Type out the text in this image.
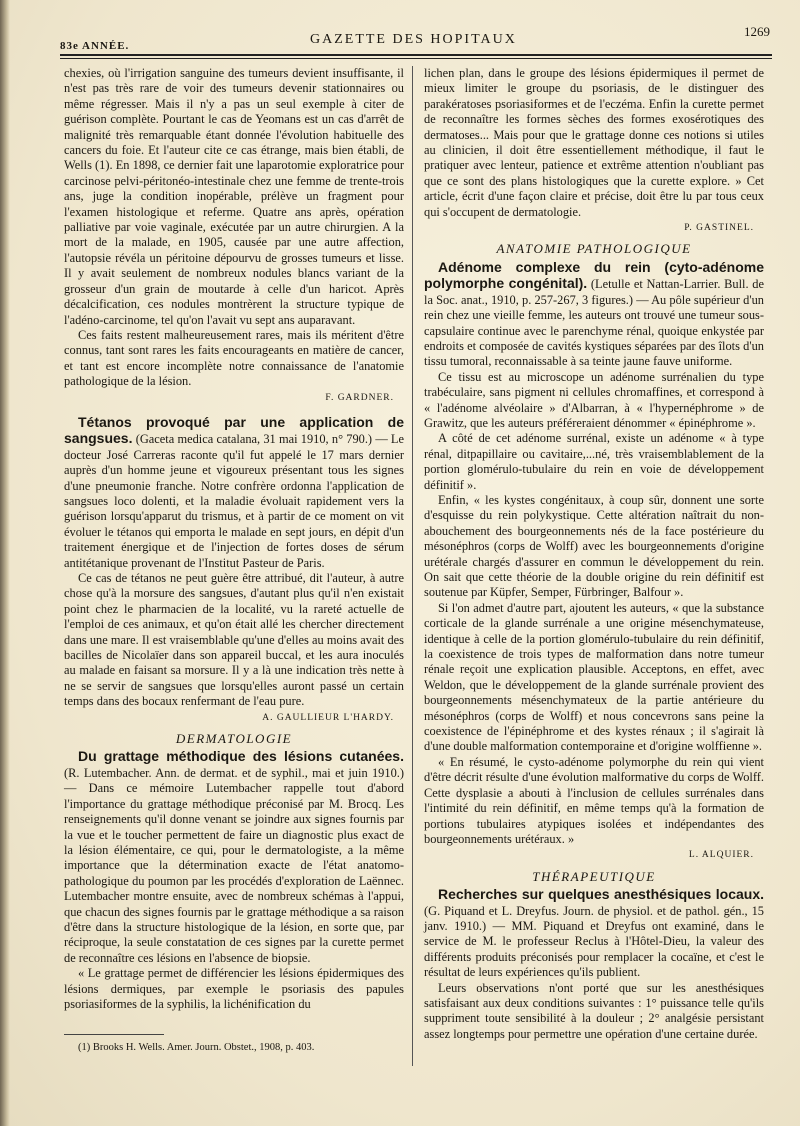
83e ANNÉE.	GAZETTE DES HOPITAUX
1269

chexies, où l'irrigation sanguine des tumeurs devient insuffisante, il n'est pas très rare de voir des tumeurs devenir stationnaires ou même régresser. Mais il n'y a pas un seul exemple à citer de guérison complète. Pourtant le cas de Yeomans est un cas d'arrêt de malignité très remarquable étant donnée l'évolution habituelle des cancers du foie. Et l'auteur cite ce cas étrange, mais bien établi, de Wells (1). En 1898, ce dernier fait une laparotomie exploratrice pour carcinose pelvi-péritonéo-intestinale chez une femme de trente-trois ans, juge la condition inopérable, prélève un fragment pour l'examen histologique et referme. Quatre ans après, opération palliative par voie vaginale, exécutée par un autre chirurgien. A la mort de la malade, en 1905, causée par une autre affection, l'autopsie révéla un péritoine dépourvu de grosses tumeurs et lisse. Il y avait seulement de nombreux nodules blancs variant de la grosseur d'un grain de moutarde à celle d'un haricot. Après décalcification, ces nodules montrèrent la structure typique de l'adéno-carcinome, tel qu'on l'avait vu sept ans auparavant.

Ces faits restent malheureusement rares, mais ils méritent d'être connus, tant sont rares les faits encourageants en matière de cancer, et tant est encore incomplète notre connaissance de l'anatomie pathologique de la lésion.

F. GARDNER.

Tétanos provoqué par une application de sangsues. (Gaceta medica catalana, 31 mai 1910, n° 790.) — Le docteur José Carreras raconte qu'il fut appelé le 17 mars dernier auprès d'un homme jeune et vigoureux présentant tous les signes d'une pneumonie franche. Notre confrère ordonna l'application de sangsues loco dolenti, et la maladie évoluait rapidement vers la guérison lorsqu'apparut du trismus, et à partir de ce moment on vit évoluer le tétanos qui emporta le malade en sept jours, en dépit d'un traitement énergique et de l'injection de fortes doses de sérum antitétanique provenant de l'Institut Pasteur de Paris.

Ce cas de tétanos ne peut guère être attribué, dit l'auteur, à autre chose qu'à la morsure des sangsues, d'autant plus qu'il n'en existait point chez le pharmacien de la localité, vu la rareté actuelle de l'emploi de ces animaux, et qu'on était allé les chercher directement dans une mare. Il est vraisemblable qu'une d'elles au moins avait des bacilles de Nicolaïer dans son appareil buccal, et les aura inoculés au malade en faisant sa morsure. Il y a là une indication très nette à ne se servir de sangsues que lorsqu'elles auront passé un certain temps dans des bocaux renfermant de l'eau pure.

A. GAULLIEUR L'HARDY.
DERMATOLOGIE

Du grattage méthodique des lésions cutanées. (R. Lutembacher. Ann. de dermat. et de syphil., mai et juin 1910.) — Dans ce mémoire Lutembacher rappelle tout d'abord l'importance du grattage méthodique préconisé par M. Brocq. Les renseignements qu'il donne venant se joindre aux signes fournis par la vue et le toucher permettent de faire un diagnostic plus exact de la lésion élémentaire, ce qui, pour le dermatologiste, a la même importance que la détermination exacte de l'état anatomo-pathologique du poumon par les procédés d'exploration de Laënnec. Lutembacher montre ensuite, avec de nombreux schémas à l'appui, que chacun des signes fournis par le grattage méthodique a sa raison d'être dans la structure histologique de la lésion, en sorte que, par réciproque, la seule constatation de ces signes par la curette permet de reconnaître ces lésions en l'absence de biopsie.

« Le grattage permet de différencier les lésions épidermiques des lésions dermiques, par exemple le psoriasis des papules psoriasiformes de la syphilis, la lichénification du

(1) Brooks H. Wells. Amer. Journ. Obstet., 1908, p. 403.

lichen plan, dans le groupe des lésions épidermiques il permet de mieux limiter le groupe du psoriasis, de le distinguer des parakératoses psoriasiformes et de l'eczéma. Enfin la curette permet de reconnaître les formes sèches des formes exosérotiques des dermatoses... Mais pour que le grattage donne ces notions si utiles au clinicien, il doit être essentiellement méthodique, il faut le pratiquer avec lenteur, patience et extrême attention n'oubliant pas que ce sont des plans histologiques que la curette explore. » Cet article, écrit d'une façon claire et précise, doit être lu par tous ceux qui s'occupent de dermatologie.

P. GASTINEL.
ANATOMIE PATHOLOGIQUE

Adénome complexe du rein (cyto-adénome polymorphe congénital). (Letulle et Nattan-Larrier. Bull. de la Soc. anat., 1910, p. 257-267, 3 figures.) — Au pôle supérieur d'un rein chez une vieille femme, les auteurs ont trouvé une tumeur sous-capsulaire continue avec le parenchyme rénal, quoique enkystée par endroits et composée de cavités kystiques séparées par des îlots d'un tissu tumoral, reconnaissable à sa teinte jaune fauve uniforme.

Ce tissu est au microscope un adénome surrénalien du type trabéculaire, sans pigment ni cellules chromaffines, et correspond à « l'adénome alvéolaire » d'Albarran, à « l'hypernéphrome » de Grawitz, que les auteurs préféreraient dénommer « épinéphrome ».

A côté de cet adénome surrénal, existe un adénome « à type rénal, ditpapillaire ou cavitaire,...né, très vraisemblablement de la portion glomérulo-tubulaire du rein en voie de développement définitif ».

Enfin, « les kystes congénitaux, à coup sûr, donnent une sorte d'esquisse du rein polykystique. Cette altération naîtrait du non-abouchement des bourgeonnements nés de la face postérieure du mésonéphros (corps de Wolff) avec les bourgeonnements d'origine urétérale chargés d'assurer en commun le développement du rein. On sait que cette théorie de la double origine du rein définitif est soutenue par Küpfer, Semper, Fürbringer, Balfour ».

Si l'on admet d'autre part, ajoutent les auteurs, « que la substance corticale de la glande surrénale a une origine mésenchymateuse, identique à celle de la portion glomérulo-tubulaire du rein définitif, la coexistence de trois types de malformation dans notre tumeur rénale reçoit une explication plausible. Acceptons, en effet, avec Weldon, que le développement de la glande surrénale provient des bourgeonnements mésenchymateux de la partie antérieure du mésonéphros (corps de Wolff) et nous concevrons sans peine la coexistence de l'épinéphrome et des kystes rénaux ; il s'agirait là d'une double malformation contemporaine et d'origine wolffienne ».

« En résumé, le cysto-adénome polymorphe du rein qui vient d'être décrit résulte d'une évolution malformative du corps de Wolff. Cette dysplasie a abouti à l'inclusion de cellules surrénales dans l'intimité du rein définitif, en même temps qu'à la formation de portions tubulaires atypiques isolées et indépendantes des bourgeonnements urétéraux. »

L. ALQUIER.
THÉRAPEUTIQUE

Recherches sur quelques anesthésiques locaux. (G. Piquand et L. Dreyfus. Journ. de physiol. et de pathol. gén., 15 janv. 1910.) — MM. Piquand et Dreyfus ont examiné, dans le service de M. le professeur Reclus à l'Hôtel-Dieu, la valeur des différents produits préconisés pour remplacer la cocaïne, et c'est le résultat de leurs expériences qu'ils publient.

Leurs observations n'ont porté que sur les anesthésiques satisfaisant aux deux conditions suivantes : 1° puissance telle qu'ils suppriment toute sensibilité à la douleur ; 2° analgésie persistant assez longtemps pour permettre une opération d'une certaine durée.
